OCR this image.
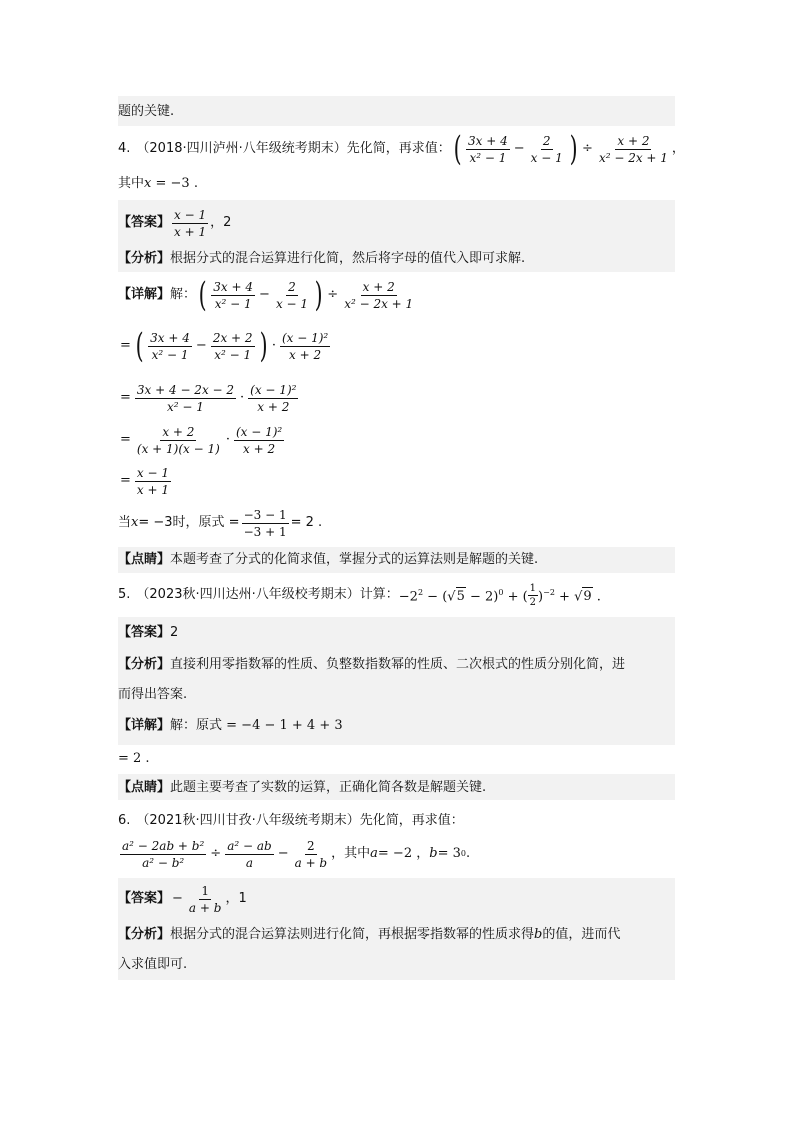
题的关键.
4. （2018·四川泸州·八年级统考期末）先化简，再求值： ( $\frac{3x + 4}{\text{x² − 1}} - \frac{2}{x - 1}$ ) ÷ $\frac{x + 2}{\text{x² − 2x + 1}}$ ，
其中x = −3 .
【答案】 $\frac{x - 1}{x + 1}$ ，2
【分析】根据分式的混合运算进行化简，然后将字母的值代入即可求解.
【详解】 解： ( $\frac{3x + 4}{\text{x² − 1}} - \frac{2}{x - 1}$ ) ÷ $\frac{x + 2}{\text{x² − 2x + 1}}$
= ( $\frac{3x + 4}{\text{x² − 1}} - \frac{2x + 2}{\text{x² − 1}}$ ) · $\frac{\text{(x − 1)²}}{x + 2}$
= $\frac{3x + 4 - 2x - 2}{\text{x² − 1}} \cdot \frac{\text{(x − 1)²}}{x + 2}$
= $\frac{x + 2}{(x + 1)(x - 1)} \cdot \frac{\text{(x − 1)²}}{x + 2}$
= $\frac{x - 1}{x + 1}$
当 x = −3时，原式 = $\frac{-3 - 1}{-3 + 1} = 2$ .
【点睛】本题考查了分式的化简求值，掌握分式的运算法则是解题的关键.
5. （2023秋·四川达州·八年级校考期末）计算： $-2^2 - (√5 - 2)^0$ + ( $\frac{1}{2} )^{-2} + √9$ .
【答案】2
【分析】直接利用零指数幂的性质、负整数指数幂的性质、二次根式的性质分别化简，进
而得出答案.
【详解】解：原式 = −4 − 1 + 4 + 3
= 2 .
【点睛】此题主要考查了实数的运算，正确化简各数是解题关键.
6. （2021秋·四川甘孜·八年级统考期末）先化简，再求值：
$\frac{\text{a² − 2ab + b²}}{\text{a² − b²}} \div \frac{\text{a² − ab}}{a} - \frac{2}{a + b}$ ，其中 a = −2 ， b = 3 0 .
【答案】 − $\frac{1}{a + b}$ ，1
【分析】根据分式的混合运算法则进行化简，再根据零指数幂的性质求得b的值，进而代
入求值即可.
